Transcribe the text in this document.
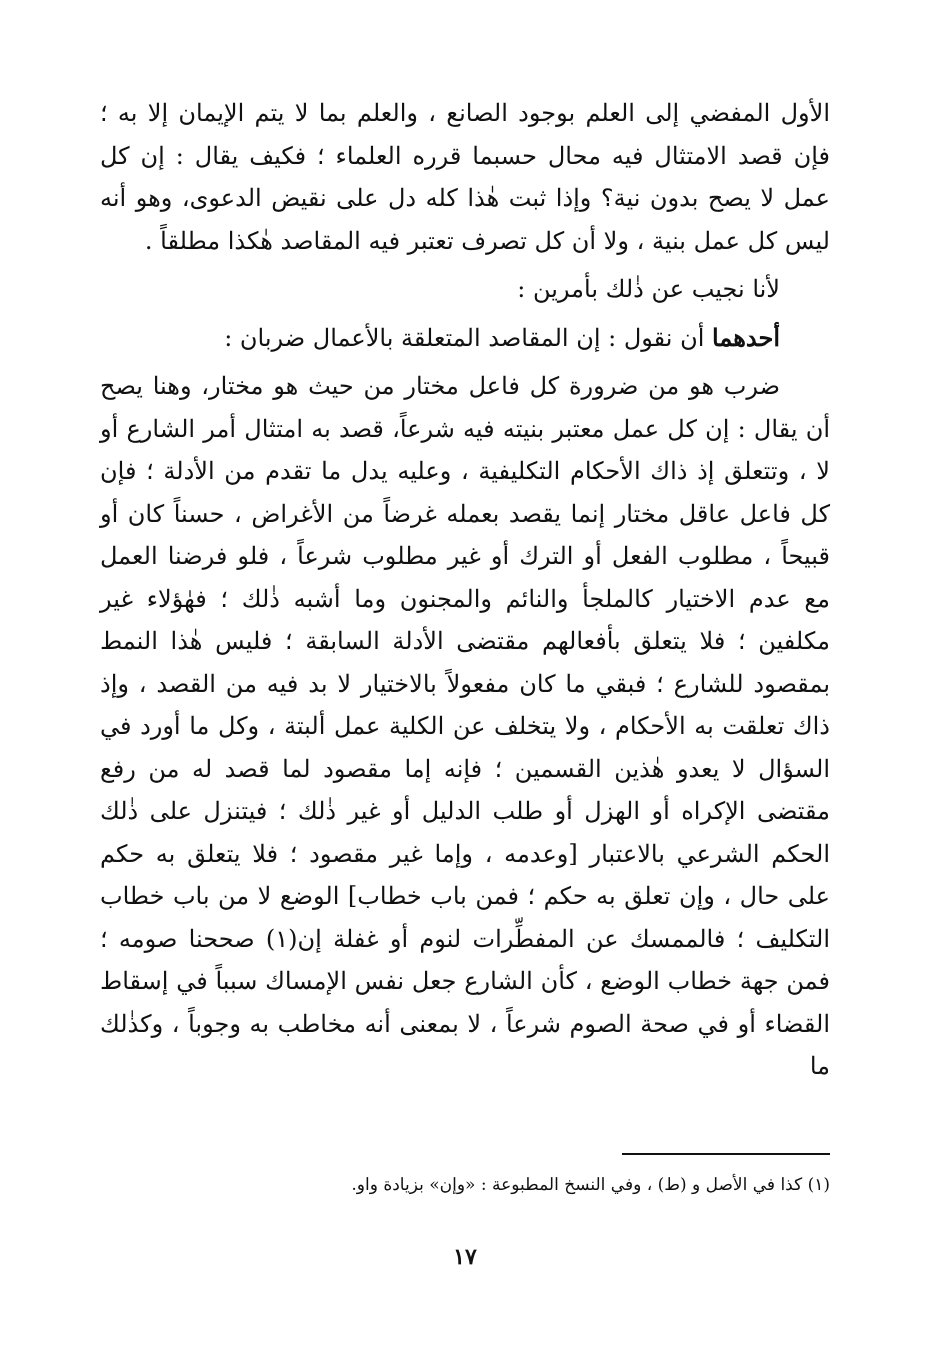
الأول المفضي إلى العلم بوجود الصانع ، والعلم بما لا يتم الإيمان إلا به ؛ فإن قصد الامتثال فيه محال حسبما قرره العلماء ؛ فكيف يقال : إن كل عمل لا يصح بدون نية؟ وإذا ثبت هٰذا كله دل على نقيض الدعوى، وهو أنه ليس كل عمل بنية ، ولا أن كل تصرف تعتبر فيه المقاصد هٰكذا مطلقاً .

لأنا نجيب عن ذٰلك بأمرين :

أحدهما أن نقول : إن المقاصد المتعلقة بالأعمال ضربان :

ضرب هو من ضرورة كل فاعل مختار من حيث هو مختار، وهنا يصح أن يقال : إن كل عمل معتبر بنيته فيه شرعاً، قصد به امتثال أمر الشارع أو لا ، وتتعلق إذ ذاك الأحكام التكليفية ، وعليه يدل ما تقدم من الأدلة ؛ فإن كل فاعل عاقل مختار إنما يقصد بعمله غرضاً من الأغراض ، حسناً كان أو قبيحاً ، مطلوب الفعل أو الترك أو غير مطلوب شرعاً ، فلو فرضنا العمل مع عدم الاختيار كالملجأ والنائم والمجنون وما أشبه ذٰلك ؛ فهٰؤلاء غير مكلفين ؛ فلا يتعلق بأفعالهم مقتضى الأدلة السابقة ؛ فليس هٰذا النمط بمقصود للشارع ؛ فبقي ما كان مفعولاً بالاختيار لا بد فيه من القصد ، وإذ ذاك تعلقت به الأحكام ، ولا يتخلف عن الكلية عمل ألبتة ، وكل ما أورد في السؤال لا يعدو هٰذين القسمين ؛ فإنه إما مقصود لما قصد له من رفع مقتضى الإكراه أو الهزل أو طلب الدليل أو غير ذٰلك ؛ فيتنزل على ذٰلك الحكم الشرعي بالاعتبار [وعدمه ، وإما غير مقصود ؛ فلا يتعلق به حكم على حال ، وإن تعلق به حكم ؛ فمن باب خطاب] الوضع لا من باب خطاب التكليف ؛ فالممسك عن المفطِّرات لنوم أو غفلة إن(١) صححنا صومه ؛ فمن جهة خطاب الوضع ، كأن الشارع جعل نفس الإمساك سبباً في إسقاط القضاء أو في صحة الصوم شرعاً ، لا بمعنى أنه مخاطب به وجوباً ، وكذٰلك ما

(١) كذا في الأصل و (ط) ، وفي النسخ المطبوعة : «وإن» بزيادة واو.

١٧
